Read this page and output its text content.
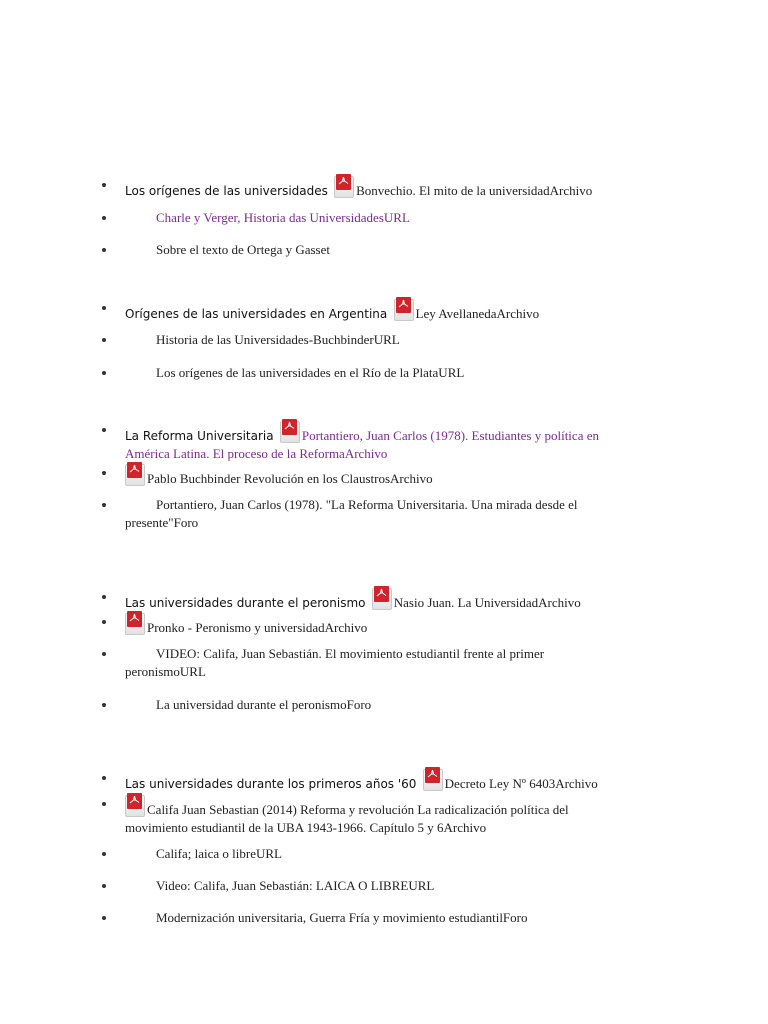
Los orígenes de las universidades Bonvechio. El mito de la universidadArchivo
Charle y Verger, Historia das UniversidadesURL
Sobre el texto de Ortega y Gasset
Orígenes de las universidades en Argentina Ley AvellanedaArchivo
Historia de las Universidades-BuchbinderURL
Los orígenes de las universidades en el Río de la PlataURL
La Reforma Universitaria Portantiero, Juan Carlos (1978). Estudiantes y política en América Latina. El proceso de la ReformaArchivo
Pablo Buchbinder Revolución en los ClaustrosArchivo
Portantiero, Juan Carlos (1978). "La Reforma Universitaria. Una mirada desde el presente"Foro
Las universidades durante el peronismo Nasio Juan. La UniversidadArchivo
Pronko - Peronismo y universidadArchivo
VIDEO: Califa, Juan Sebastián. El movimiento estudiantil frente al primer peronismoURL
La universidad durante el peronismoForo
Las universidades durante los primeros años '60 Decreto Ley Nº 6403Archivo
Califa Juan Sebastian (2014) Reforma y revolución La radicalización política del movimiento estudiantil de la UBA 1943-1966. Capítulo 5 y 6Archivo
Califa; laica o libreURL
Video: Califa, Juan Sebastián: LAICA O LIBREURL
Modernización universitaria, Guerra Fría y movimiento estudiantilForo
